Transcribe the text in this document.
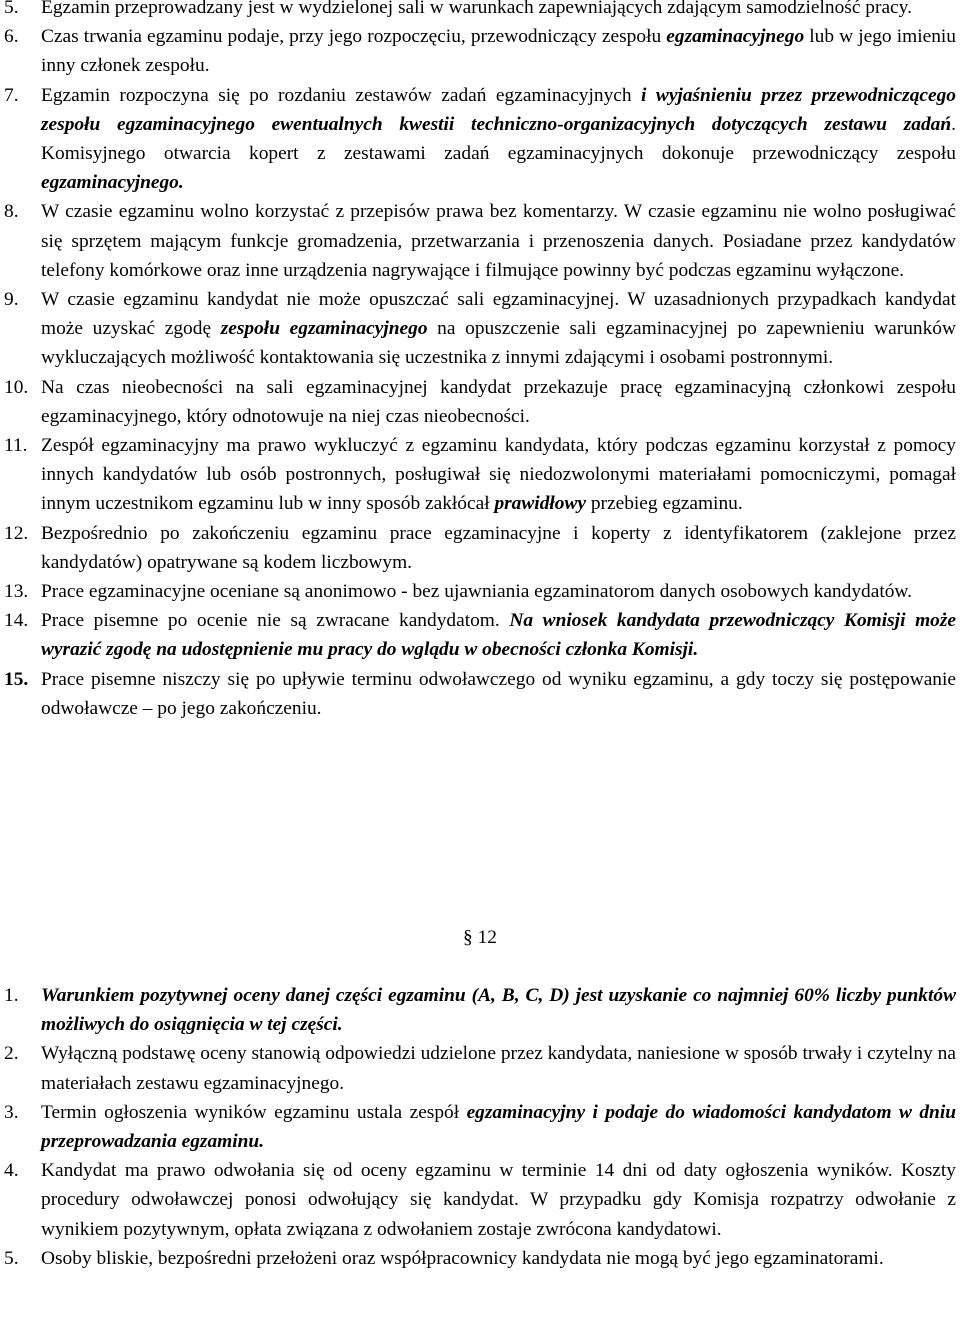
5. Egzamin przeprowadzany jest w wydzielonej sali w warunkach zapewniających zdającym samodzielność pracy.

6. Czas trwania egzaminu podaje, przy jego rozpoczęciu, przewodniczący zespołu egzaminacyjnego lub w jego imieniu inny członek zespołu.

7. Egzamin rozpoczyna się po rozdaniu zestawów zadań egzaminacyjnych i wyjaśnieniu przez przewodniczącego zespołu egzaminacyjnego ewentualnych kwestii techniczno-organizacyjnych dotyczących zestawu zadań. Komisyjnego otwarcia kopert z zestawami zadań egzaminacyjnych dokonuje przewodniczący zespołu egzaminacyjnego.

8. W czasie egzaminu wolno korzystać z przepisów prawa bez komentarzy. W czasie egzaminu nie wolno posługiwać się sprzętem mającym funkcje gromadzenia, przetwarzania i przenoszenia danych. Posiadane przez kandydatów telefony komórkowe oraz inne urządzenia nagrywające i filmujące powinny być podczas egzaminu wyłączone.

9. W czasie egzaminu kandydat nie może opuszczać sali egzaminacyjnej. W uzasadnionych przypadkach kandydat może uzyskać zgodę zespołu egzaminacyjnego na opuszczenie sali egzaminacyjnej po zapewnieniu warunków wykluczających możliwość kontaktowania się uczestnika z innymi zdającymi i osobami postronnymi.

10. Na czas nieobecności na sali egzaminacyjnej kandydat przekazuje pracę egzaminacyjną członkowi zespołu egzaminacyjnego, który odnotowuje na niej czas nieobecności.

11. Zespół egzaminacyjny ma prawo wykluczyć z egzaminu kandydata, który podczas egzaminu korzystał z pomocy innych kandydatów lub osób postronnych, posługiwał się niedozwolonymi materiałami pomocniczymi, pomagał innym uczestnikom egzaminu lub w inny sposób zakłócał prawidłowy przebieg egzaminu.

12. Bezpośrednio po zakończeniu egzaminu prace egzaminacyjne i koperty z identyfikatorem (zaklejone przez kandydatów) opatrywane są kodem liczbowym.

13. Prace egzaminacyjne oceniane są anonimowo - bez ujawniania egzaminatorom danych osobowych kandydatów.

14. Prace pisemne po ocenie nie są zwracane kandydatom. Na wniosek kandydata przewodniczący Komisji może wyrazić zgodę na udostępnienie mu pracy do wglądu w obecności członka Komisji.

15. Prace pisemne niszczy się po upływie terminu odwoławczego od wyniku egzaminu, a gdy toczy się postępowanie odwoławcze – po jego zakończeniu.

§ 12

1. Warunkiem pozytywnej oceny danej części egzaminu (A, B, C, D) jest uzyskanie co najmniej 60% liczby punktów możliwych do osiągnięcia w tej części.

2. Wyłączną podstawę oceny stanowią odpowiedzi udzielone przez kandydata, naniesione w sposób trwały i czytelny na materiałach zestawu egzaminacyjnego.

3. Termin ogłoszenia wyników egzaminu ustala zespół egzaminacyjny i podaje do wiadomości kandydatom w dniu przeprowadzania egzaminu.

4. Kandydat ma prawo odwołania się od oceny egzaminu w terminie 14 dni od daty ogłoszenia wyników. Koszty procedury odwoławczej ponosi odwołujący się kandydat. W przypadku gdy Komisja rozpatrzy odwołanie z wynikiem pozytywnym, opłata związana z odwołaniem zostaje zwrócona kandydatowi.

5. Osoby bliskie, bezpośredni przełożeni oraz współpracownicy kandydata nie mogą być jego egzaminatorami.
